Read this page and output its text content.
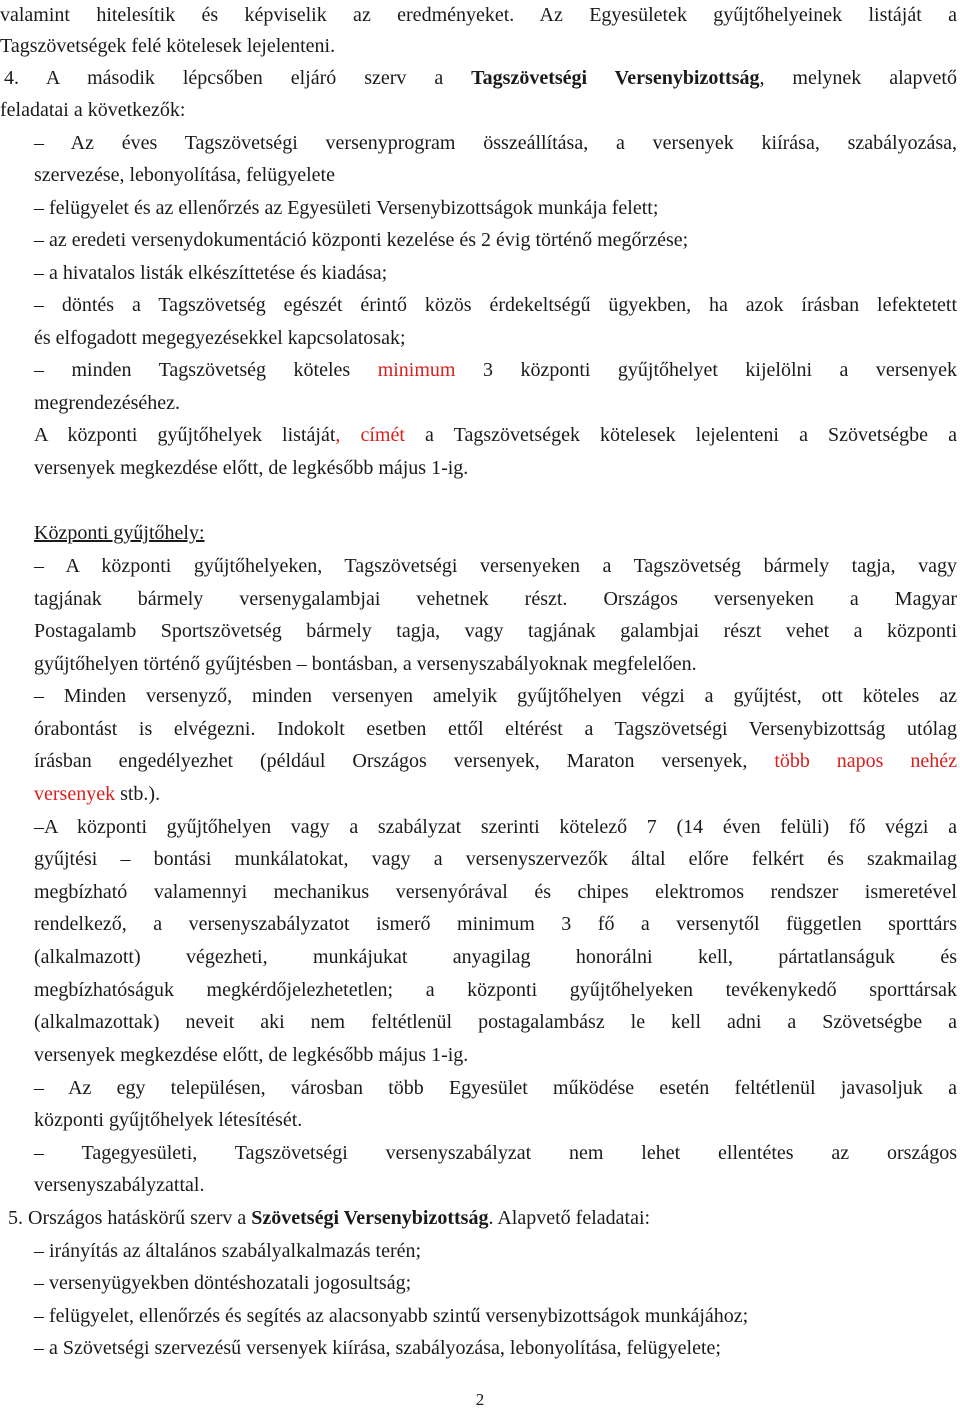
valamint hitelesítik és képviselik az eredményeket. Az Egyesületek gyűjtőhelyeinek listáját a
Tagszövetségek felé kötelesek lejelenteni.
4. A második lépcsőben eljáró szerv a Tagszövetségi Versenybizottság, melynek alapvető
feladatai a következők:
– Az éves Tagszövetségi versenyprogram összeállítása, a versenyek kiírása, szabályozása,
szervezése, lebonyolítása, felügyelete
– felügyelet és az ellenőrzés az Egyesületi Versenybizottságok munkája felett;
– az eredeti versenydokumentáció központi kezelése és 2 évig történő megőrzése;
– a hivatalos listák elkészíttetése és kiadása;
– döntés a Tagszövetség egészét érintő közös érdekeltségű ügyekben, ha azok írásban lefektetett
és elfogadott megegyezésekkel kapcsolatosak;
– minden Tagszövetség köteles minimum 3 központi gyűjtőhelyet kijelölni a versenyek
megrendezéséhez.
A központi gyűjtőhelyek listáját, címét a Tagszövetségek kötelesek lejelenteni a Szövetségbe a
versenyek megkezdése előtt, de legkésőbb május 1-ig.
Központi gyűjtőhely:
– A központi gyűjtőhelyeken, Tagszövetségi versenyeken a Tagszövetség bármely tagja, vagy
tagjának bármely versenygalambjai vehetnek részt. Országos versenyeken a Magyar
Postagalamb Sportszövetség bármely tagja, vagy tagjának galambjai részt vehet a központi
gyűjtőhelyen történő gyűjtésben – bontásban, a versenyszabályoknak megfelelően.
– Minden versenyző, minden versenyen amelyik gyűjtőhelyen végzi a gyűjtést, ott köteles az
órabontást is elvégezni. Indokolt esetben ettől eltérést a Tagszövetségi Versenybizottság utólag
írásban engedélyezhet (például Országos versenyek, Maraton versenyek, több napos nehéz
versenyek stb.).
–A központi gyűjtőhelyen vagy a szabályzat szerinti kötelező 7 (14 éven felüli) fő végzi a
gyűjtési – bontási munkálatokat, vagy a versenyszervezők által előre felkért és szakmailag
megbízható valamennyi mechanikus versenyórával és chipes elektromos rendszer ismeretével
rendelkező, a versenyszabályzatot ismerő minimum 3 fő a versenytől független sporttárs
(alkalmazott) végezheti, munkájukat anyagilag honorálni kell, pártatlanságuk és
megbízhatóságuk megkérdőjelezhetetlen; a központi gyűjtőhelyeken tevékenykedő sporttársak
(alkalmazottak) neveit aki nem feltétlenül postagalambász le kell adni a Szövetségbe a
versenyek megkezdése előtt, de legkésőbb május 1-ig.
– Az egy településen, városban több Egyesület működése esetén feltétlenül javasoljuk a
központi gyűjtőhelyek létesítését.
– Tagegyesületi, Tagszövetségi versenyszabályzat nem lehet ellentétes az országos
versenyszabályzattal.
5. Országos hatáskörű szerv a Szövetségi Versenybizottság. Alapvető feladatai:
– irányítás az általános szabályalkalmazás terén;
– versenyügyekben döntéshozatali jogosultság;
– felügyelet, ellenőrzés és segítés az alacsonyabb szintű versenybizottságok munkájához;
– a Szövetségi szervezésű versenyek kiírása, szabályozása, lebonyolítása, felügyelete;
2
